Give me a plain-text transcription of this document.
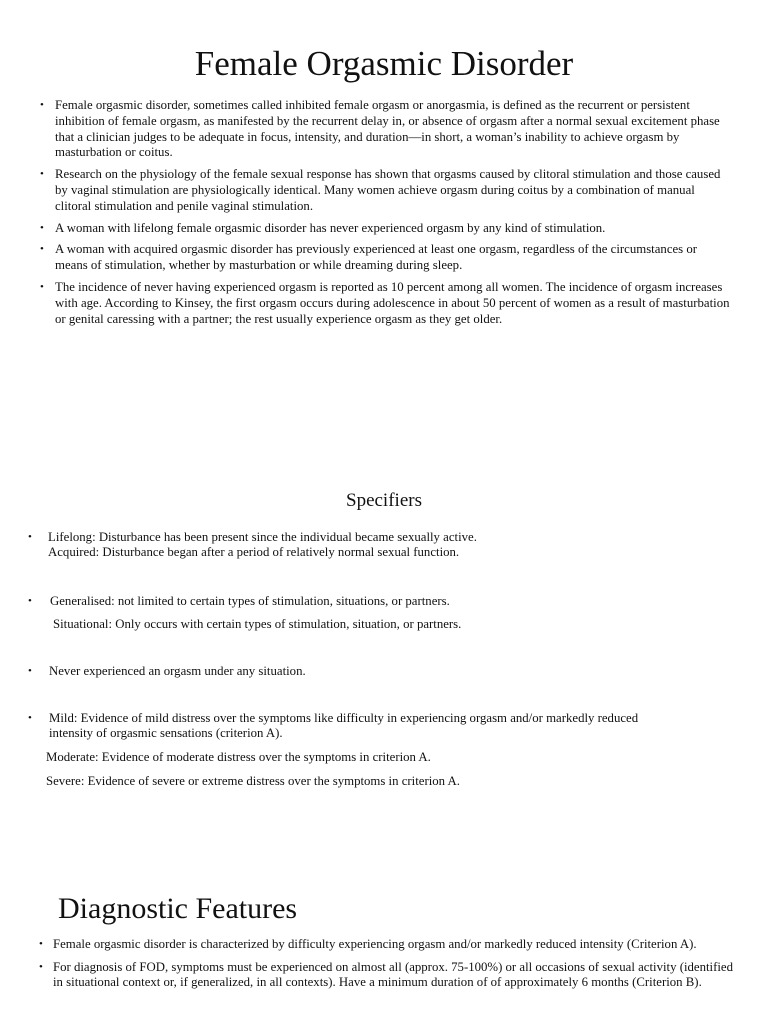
Female Orgasmic Disorder
• Female orgasmic disorder, sometimes called inhibited female orgasm or anorgasmia, is defined as the recurrent or persistent inhibition of female orgasm, as manifested by the recurrent delay in, or absence of orgasm after a normal sexual excitement phase that a clinician judges to be adequate in focus, intensity, and duration—in short, a woman’s inability to achieve orgasm by masturbation or coitus.
• Research on the physiology of the female sexual response has shown that orgasms caused by clitoral stimulation and those caused by vaginal stimulation are physiologically identical. Many women achieve orgasm during coitus by a combination of manual clitoral stimulation and penile vaginal stimulation.
• A woman with lifelong female orgasmic disorder has never experienced orgasm by any kind of stimulation.
• A woman with acquired orgasmic disorder has previously experienced at least one orgasm, regardless of the circumstances or means of stimulation, whether by masturbation or while dreaming during sleep.
• The incidence of never having experienced orgasm is reported as 10 percent among all women. The incidence of orgasm increases with age. According to Kinsey, the first orgasm occurs during adolescence in about 50 percent of women as a result of masturbation or genital caressing with a partner; the rest usually experience orgasm as they get older.
Specifiers
• Lifelong: Disturbance has been present since the individual became sexually active.

Acquired: Disturbance began after a period of relatively normal sexual function.

• Generalised: not limited to certain types of stimulation, situations, or partners.

Situational: Only occurs with certain types of stimulation, situation, or partners.

• Never experienced an orgasm under any situation.

• Mild: Evidence of mild distress over the symptoms like difficulty in experiencing orgasm and/or markedly reduced

intensity of orgasmic sensations (criterion A).

Moderate: Evidence of moderate distress over the symptoms in criterion A.

Severe: Evidence of severe or extreme distress over the symptoms in criterion A.

Diagnostic Features
• Female orgasmic disorder is characterized by difficulty experiencing orgasm and/or markedly reduced intensity (Criterion A).
• For diagnosis of FOD, symptoms must be experienced on almost all (approx. 75-100%) or all occasions of sexual activity (identified in situational context or, if generalized, in all contexts). Have a minimum duration of of approximately 6 months (Criterion B).
